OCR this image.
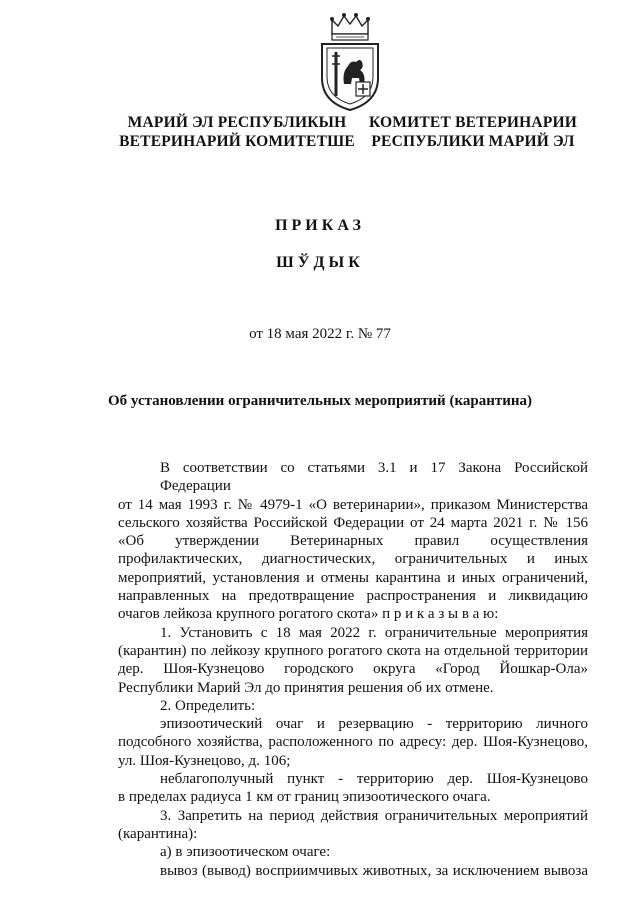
МАРИЙ ЭЛ РЕСПУБЛИКЫН
ВЕТЕРИНАРИЙ КОМИТЕТШЕ
КОМИТЕТ ВЕТЕРИНАРИИ
РЕСПУБЛИКИ МАРИЙ ЭЛ
ПРИКАЗ
ШЎДЫК
от 18 мая 2022 г. № 77
Об установлении ограничительных мероприятий (карантина)
В соответствии со статьями 3.1 и 17 Закона Российской Федерации
от 14 мая 1993 г. № 4979-1 «О ветеринарии», приказом Министерства
сельского хозяйства Российской Федерации от 24 марта 2021 г. № 156
«Об утверждении Ветеринарных правил осуществления
профилактических, диагностических, ограничительных и иных
мероприятий, установления и отмены карантина и иных ограничений,
направленных на предотвращение распространения и ликвидацию
очагов лейкоза крупного рогатого скота» п р и к а з ы в а ю:
1. Установить с 18 мая 2022 г. ограничительные мероприятия
(карантин) по лейкозу крупного рогатого скота на отдельной территории
дер. Шоя-Кузнецово городского округа «Город Йошкар-Ола»
Республики Марий Эл до принятия решения об их отмене.
2. Определить:
эпизоотический очаг и резервацию - территорию личного
подсобного хозяйства, расположенного по адресу: дер. Шоя-Кузнецово,
ул. Шоя-Кузнецово, д. 106;
неблагополучный пункт - территорию дер. Шоя-Кузнецово
в пределах радиуса 1 км от границ эпизоотического очага.
3. Запретить на период действия ограничительных мероприятий
(карантина):
а) в эпизоотическом очаге:
вывоз (вывод) восприимчивых животных, за исключением вывоза
